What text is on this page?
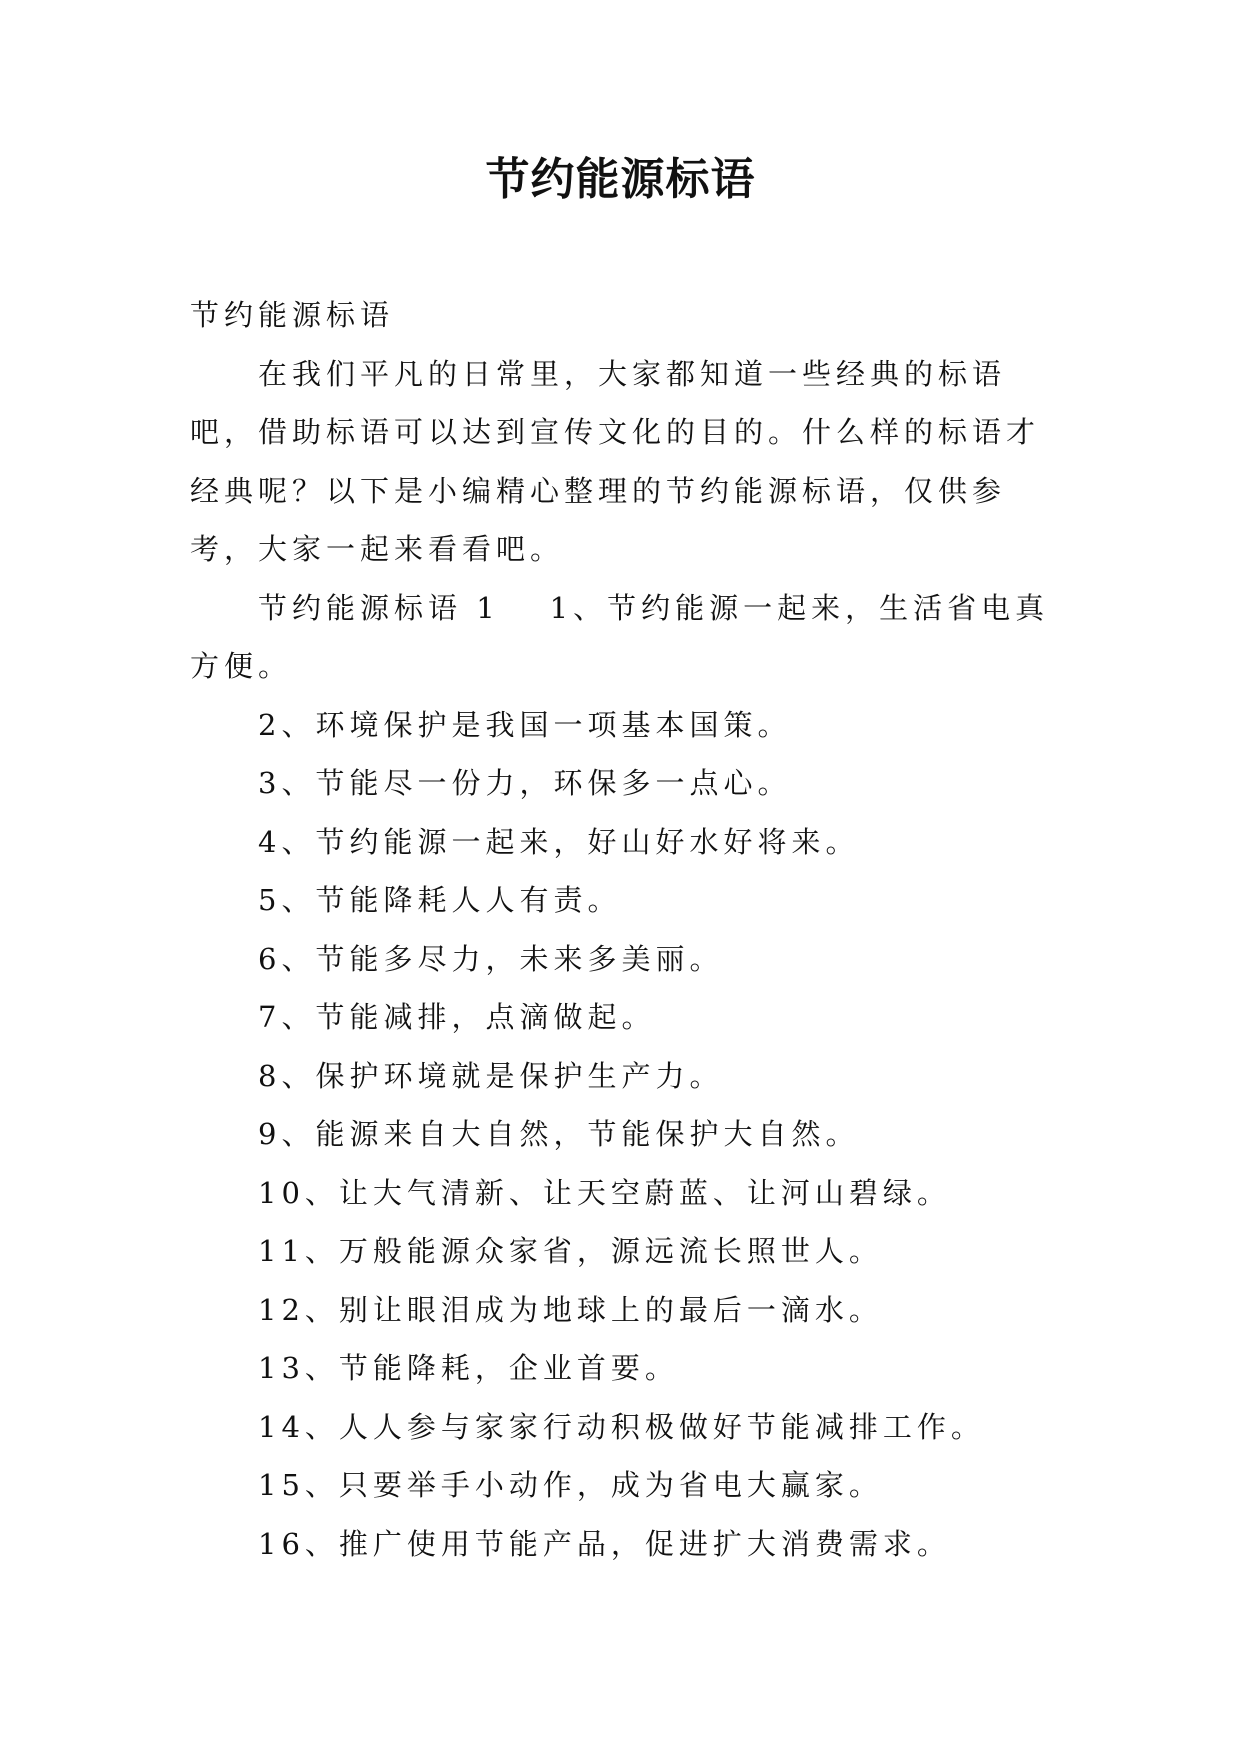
节约能源标语

节约能源标语

在我们平凡的日常里，大家都知道一些经典的标语吧，借助标语可以达到宣传文化的目的。什么样的标语才经典呢？以下是小编精心整理的节约能源标语，仅供参考，大家一起来看看吧。

节约能源标语 1 1、节约能源一起来，生活省电真方便。

2、环境保护是我国一项基本国策。

3、节能尽一份力，环保多一点心。

4、节约能源一起来，好山好水好将来。

5、节能降耗人人有责。

6、节能多尽力，未来多美丽。

7、节能减排，点滴做起。

8、保护环境就是保护生产力。

9、能源来自大自然，节能保护大自然。

10、让大气清新、让天空蔚蓝、让河山碧绿。

11、万般能源众家省，源远流长照世人。

12、别让眼泪成为地球上的最后一滴水。

13、节能降耗，企业首要。

14、人人参与家家行动积极做好节能减排工作。

15、只要举手小动作，成为省电大赢家。

16、推广使用节能产品，促进扩大消费需求。
